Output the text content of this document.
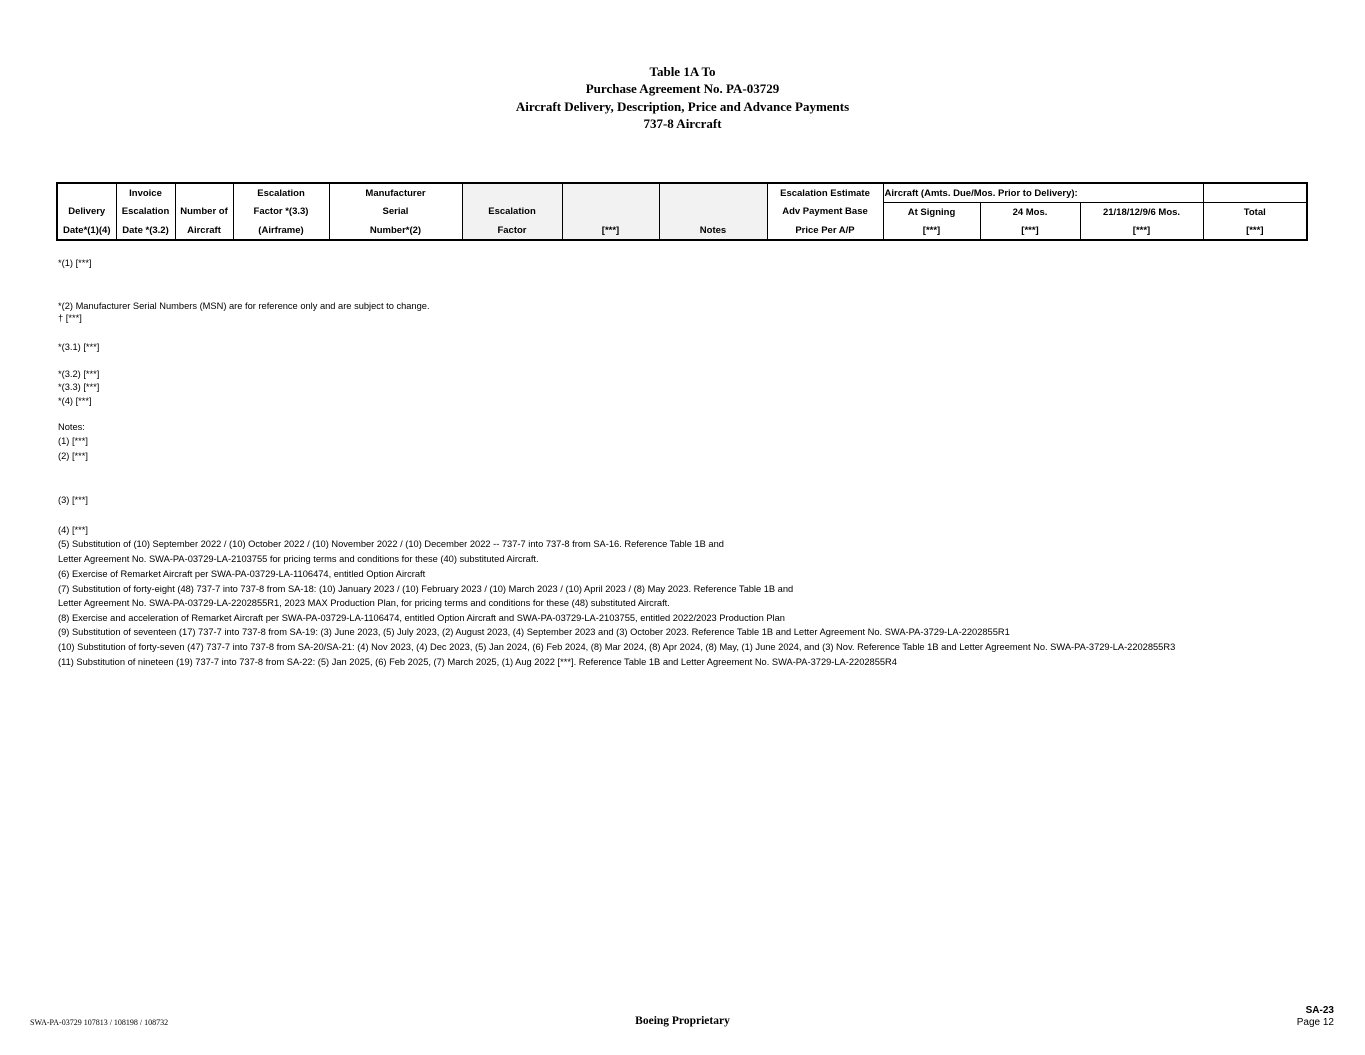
Table 1A To
Purchase Agreement No. PA-03729
Aircraft Delivery, Description, Price and Advance Payments
737-8 Aircraft
	Invoice		Escalation	Manufacturer				Escalation Estimate	Aircraft (Amts. Due/Mos. Prior to Delivery):			
Delivery	Escalation	Number of	Factor *(3.3)	Serial	Escalation			Adv Payment Base	At Signing	24 Mos.	21/18/12/9/6 Mos.	Total
Date*(1)(4)	Date *(3.2)	Aircraft	(Airframe)	Number*(2)	Factor	[***]	Notes	Price Per A/P	[***]	[***]	[***]	[***]
*(1) [***]
*(2) Manufacturer Serial Numbers (MSN) are for reference only and are subject to change.
† [***]
*(3.1) [***]
*(3.2) [***]
*(3.3) [***]
*(4) [***]
Notes:
(1) [***]
(2) [***]
(3) [***]
(4) [***]
(5) Substitution of (10) September 2022 / (10) October 2022 / (10) November 2022 / (10) December 2022 -- 737-7 into 737-8 from SA-16. Reference Table 1B and
Letter Agreement No. SWA-PA-03729-LA-2103755 for pricing terms and conditions for these (40) substituted Aircraft.
(6) Exercise of Remarket Aircraft per SWA-PA-03729-LA-1106474, entitled Option Aircraft
(7) Substitution of forty-eight (48) 737-7 into 737-8 from SA-18: (10) January 2023 / (10) February 2023 / (10) March 2023 / (10) April 2023 / (8) May 2023. Reference Table 1B and
Letter Agreement No. SWA-PA-03729-LA-2202855R1, 2023 MAX Production Plan, for pricing terms and conditions for these (48) substituted Aircraft.
(8) Exercise and acceleration of Remarket Aircraft per SWA-PA-03729-LA-1106474, entitled Option Aircraft and SWA-PA-03729-LA-2103755, entitled 2022/2023 Production Plan
(9) Substitution of seventeen (17) 737-7 into 737-8 from SA-19: (3) June 2023, (5) July 2023, (2) August 2023, (4) September 2023 and (3) October 2023. Reference Table 1B and Letter Agreement No. SWA-PA-3729-LA-2202855R1
(10) Substitution of forty-seven (47) 737-7 into 737-8 from SA-20/SA-21: (4) Nov 2023, (4) Dec 2023, (5) Jan 2024, (6) Feb 2024, (8) Mar 2024, (8) Apr 2024, (8) May, (1) June 2024, and (3) Nov. Reference Table 1B and Letter Agreement No. SWA-PA-3729-LA-2202855R3
(11) Substitution of nineteen (19) 737-7 into 737-8 from SA-22: (5) Jan 2025, (6) Feb 2025, (7) March 2025, (1) Aug 2022 [***]. Reference Table 1B and Letter Agreement No. SWA-PA-3729-LA-2202855R4
SWA-PA-03729 107813 / 108198 / 108732	Boeing Proprietary
SA-23
Page 12
